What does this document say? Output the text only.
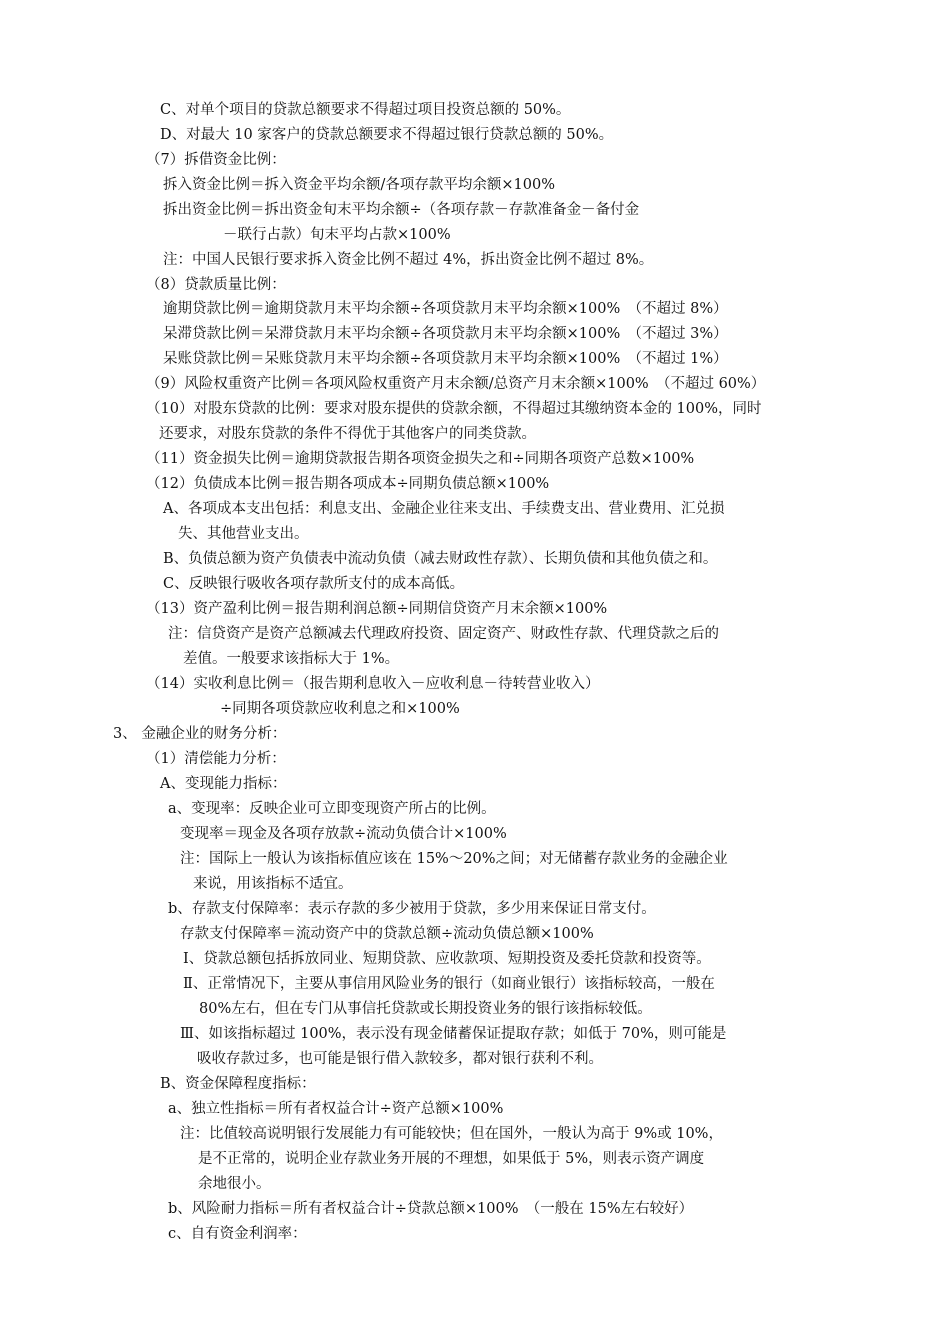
C、对单个项目的贷款总额要求不得超过项目投资总额的 50%。
D、对最大 10 家客户的贷款总额要求不得超过银行贷款总额的 50%。
（7）拆借资金比例：
拆入资金比例＝拆入资金平均余额/各项存款平均余额×100%
拆出资金比例＝拆出资金旬末平均余额÷（各项存款－存款准备金－备付金
－联行占款）旬末平均占款×100%
注：中国人民银行要求拆入资金比例不超过 4%，拆出资金比例不超过 8%。
（8）贷款质量比例：
逾期贷款比例＝逾期贷款月末平均余额÷各项贷款月末平均余额×100%　（不超过 8%）
呆滞贷款比例＝呆滞贷款月末平均余额÷各项贷款月末平均余额×100%　（不超过 3%）
呆账贷款比例＝呆账贷款月末平均余额÷各项贷款月末平均余额×100%　（不超过 1%）
（9）风险权重资产比例＝各项风险权重资产月末余额/总资产月末余额×100%　（不超过 60%）
（10）对股东贷款的比例：要求对股东提供的贷款余额，不得超过其缴纳资本金的 100%，同时
还要求，对股东贷款的条件不得优于其他客户的同类贷款。
（11）资金损失比例＝逾期贷款报告期各项资金损失之和÷同期各项资产总数×100%
（12）负债成本比例＝报告期各项成本÷同期负债总额×100%
A、各项成本支出包括：利息支出、金融企业往来支出、手续费支出、营业费用、汇兑损
失、其他营业支出。
B、负债总额为资产负债表中流动负债（减去财政性存款）、长期负债和其他负债之和。
C、反映银行吸收各项存款所支付的成本高低。
（13）资产盈利比例＝报告期利润总额÷同期信贷资产月末余额×100%
注：信贷资产是资产总额减去代理政府投资、固定资产、财政性存款、代理贷款之后的
差值。一般要求该指标大于 1%。
（14）实收利息比例＝（报告期利息收入－应收利息－待转营业收入）
÷同期各项贷款应收利息之和×100%
3、 金融企业的财务分析：
（1）清偿能力分析：
A、变现能力指标：
a、变现率：反映企业可立即变现资产所占的比例。
变现率＝现金及各项存放款÷流动负债合计×100%
注：国际上一般认为该指标值应该在 15%～20%之间；对无储蓄存款业务的金融企业
来说，用该指标不适宜。
b、存款支付保障率：表示存款的多少被用于贷款，多少用来保证日常支付。
存款支付保障率＝流动资产中的贷款总额÷流动负债总额×100%
Ⅰ、贷款总额包括拆放同业、短期贷款、应收款项、短期投资及委托贷款和投资等。
Ⅱ、正常情况下，主要从事信用风险业务的银行（如商业银行）该指标较高，一般在
80%左右，但在专门从事信托贷款或长期投资业务的银行该指标较低。
Ⅲ、如该指标超过 100%，表示没有现金储蓄保证提取存款；如低于 70%，则可能是
吸收存款过多，也可能是银行借入款较多，都对银行获利不利。
B、资金保障程度指标：
a、独立性指标＝所有者权益合计÷资产总额×100%
注：比值较高说明银行发展能力有可能较快；但在国外，一般认为高于 9%或 10%，
是不正常的，说明企业存款业务开展的不理想，如果低于 5%，则表示资产调度
余地很小。
b、风险耐力指标＝所有者权益合计÷贷款总额×100%　（一般在 15%左右较好）
c、自有资金利润率：
